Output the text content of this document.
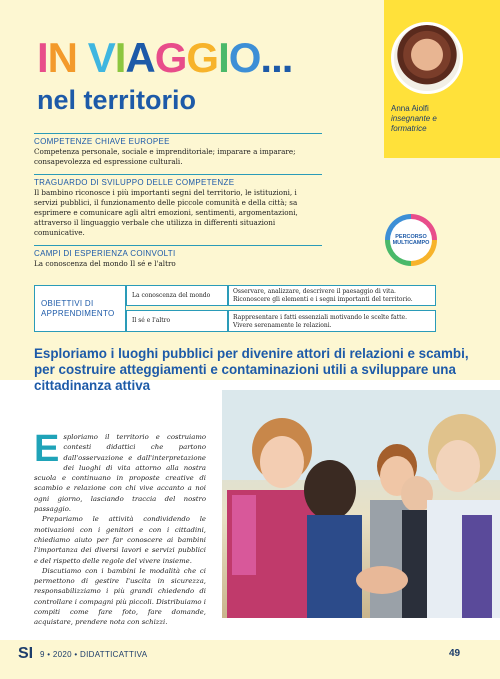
Anna Aiolfi
insegnante e formatrice
IN VIAGGIO...
nel territorio
COMPETENZE CHIAVE EUROPEE
Competenza personale, sociale e imprenditoriale; imparare a imparare; consapevolezza ed espressione culturali.
TRAGUARDO DI SVILUPPO DELLE COMPETENZE
Il bambino riconosce i più importanti segni del territorio, le istituzioni, i servizi pubblici, il funzionamento delle piccole comunità e della città; sa esprimere e comunicare agli altri emozioni, sentimenti, argomentazioni, attraverso il linguaggio verbale che utilizza in differenti situazioni comunicative.
CAMPI DI ESPERIENZA COINVOLTI
La conoscenza del mondo Il sé e l'altro
PERCORSO MULTICAMPO
OBIETTIVI DI APPRENDIMENTO
La conoscenza del mondo	Osservare, analizzare, descrivere il paesaggio di vita.
Riconoscere gli elementi e i segni importanti del territorio.
Il sé e l'altro	Rappresentare i fatti essenziali motivando le scelte fatte.
Vivere serenamente le relazioni.
Esploriamo i luoghi pubblici per divenire attori di relazioni e scambi, per costruire atteggiamenti e contaminazioni utili a sviluppare una cittadinanza attiva

Esploriamo il territorio e costruiamo contesti didattici che partono dall'osservazione e dall'interpretazione dei luoghi di vita attorno alla nostra scuola e continuano in proposte creative di scambio e relazione con chi vive accanto a noi ogni giorno, lasciando traccia del nostro passaggio.

Prepariamo le attività condividendo le motivazioni con i genitori e con i cittadini, chiediamo aiuto per far conoscere ai bambini l'importanza dei diversi lavori e servizi pubblici e del rispetto delle regole del vivere insieme.

Discutiamo con i bambini le modalità che ci permettono di gestire l'uscita in sicurezza, responsabilizziamo i più grandi chiedendo di controllare i compagni più piccoli. Distribuiamo i compiti come fare foto, fare domande, acquistare, prendere nota con schizzi.

SI 9 • 2020 • DIDATTICATTIVA	49
